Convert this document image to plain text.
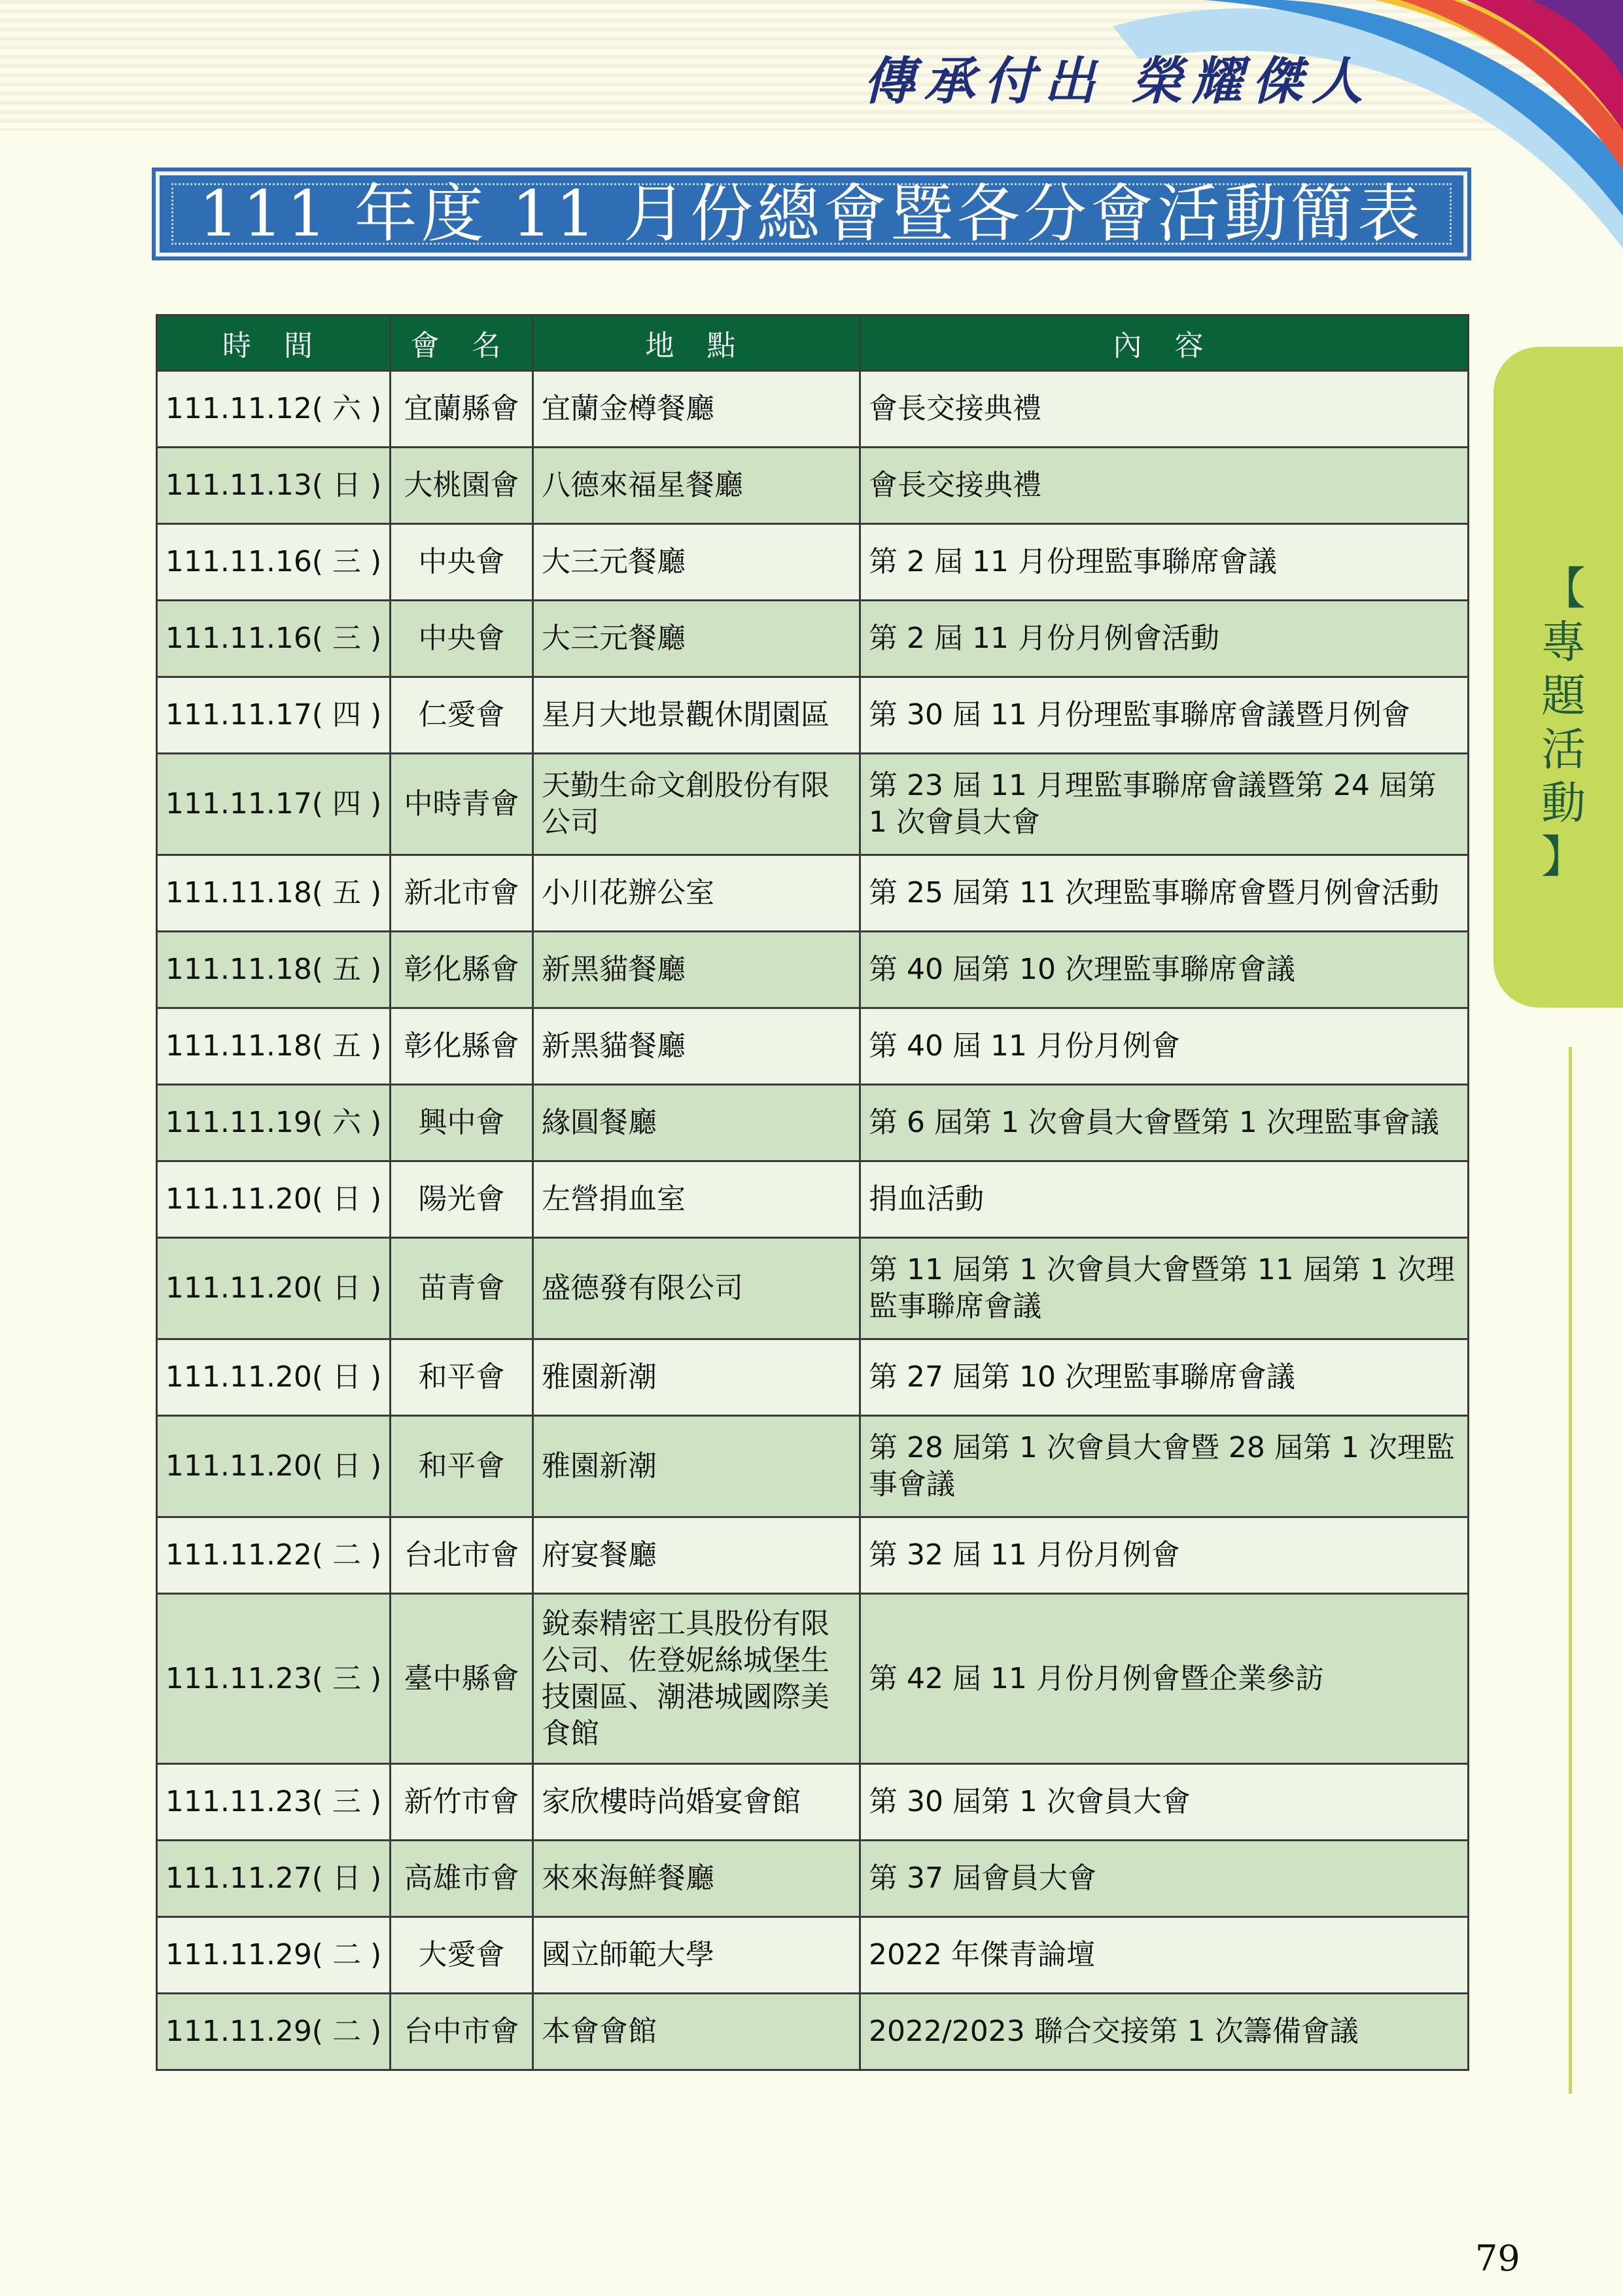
傳承付出 榮耀傑人
111 年度 11 月份總會暨各分會活動簡表
【
專
題
活
動
】
時 間	會 名	地 點	內 容
111.11.12( 六 )	宜蘭縣會	宜蘭金樽餐廳	會長交接典禮
111.11.13( 日 )	大桃園會	八德來福星餐廳	會長交接典禮
111.11.16( 三 )	中央會	大三元餐廳	第 2 屆 11 月份理監事聯席會議
111.11.16( 三 )	中央會	大三元餐廳	第 2 屆 11 月份月例會活動
111.11.17( 四 )	仁愛會	星月大地景觀休閒園區	第 30 屆 11 月份理監事聯席會議暨月例會
111.11.17( 四 )	中時青會	天勤生命文創股份有限公司	第 23 屆 11 月理監事聯席會議暨第 24 屆第 1 次會員大會
111.11.18( 五 )	新北市會	小川花辦公室	第 25 屆第 11 次理監事聯席會暨月例會活動
111.11.18( 五 )	彰化縣會	新黑貓餐廳	第 40 屆第 10 次理監事聯席會議
111.11.18( 五 )	彰化縣會	新黑貓餐廳	第 40 屆 11 月份月例會
111.11.19( 六 )	興中會	緣圓餐廳	第 6 屆第 1 次會員大會暨第 1 次理監事會議
111.11.20( 日 )	陽光會	左營捐血室	捐血活動
111.11.20( 日 )	苗青會	盛德發有限公司	第 11 屆第 1 次會員大會暨第 11 屆第 1 次理監事聯席會議
111.11.20( 日 )	和平會	雅園新潮	第 27 屆第 10 次理監事聯席會議
111.11.20( 日 )	和平會	雅園新潮	第 28 屆第 1 次會員大會暨 28 屆第 1 次理監事會議
111.11.22( 二 )	台北市會	府宴餐廳	第 32 屆 11 月份月例會
111.11.23( 三 )	臺中縣會	銳泰精密工具股份有限公司、佐登妮絲城堡生技園區、潮港城國際美食館	第 42 屆 11 月份月例會暨企業參訪
111.11.23( 三 )	新竹市會	家欣樓時尚婚宴會館	第 30 屆第 1 次會員大會
111.11.27( 日 )	高雄市會	來來海鮮餐廳	第 37 屆會員大會
111.11.29( 二 )	大愛會	國立師範大學	2022 年傑青論壇
111.11.29( 二 )	台中市會	本會會館	2022/2023 聯合交接第 1 次籌備會議
79
